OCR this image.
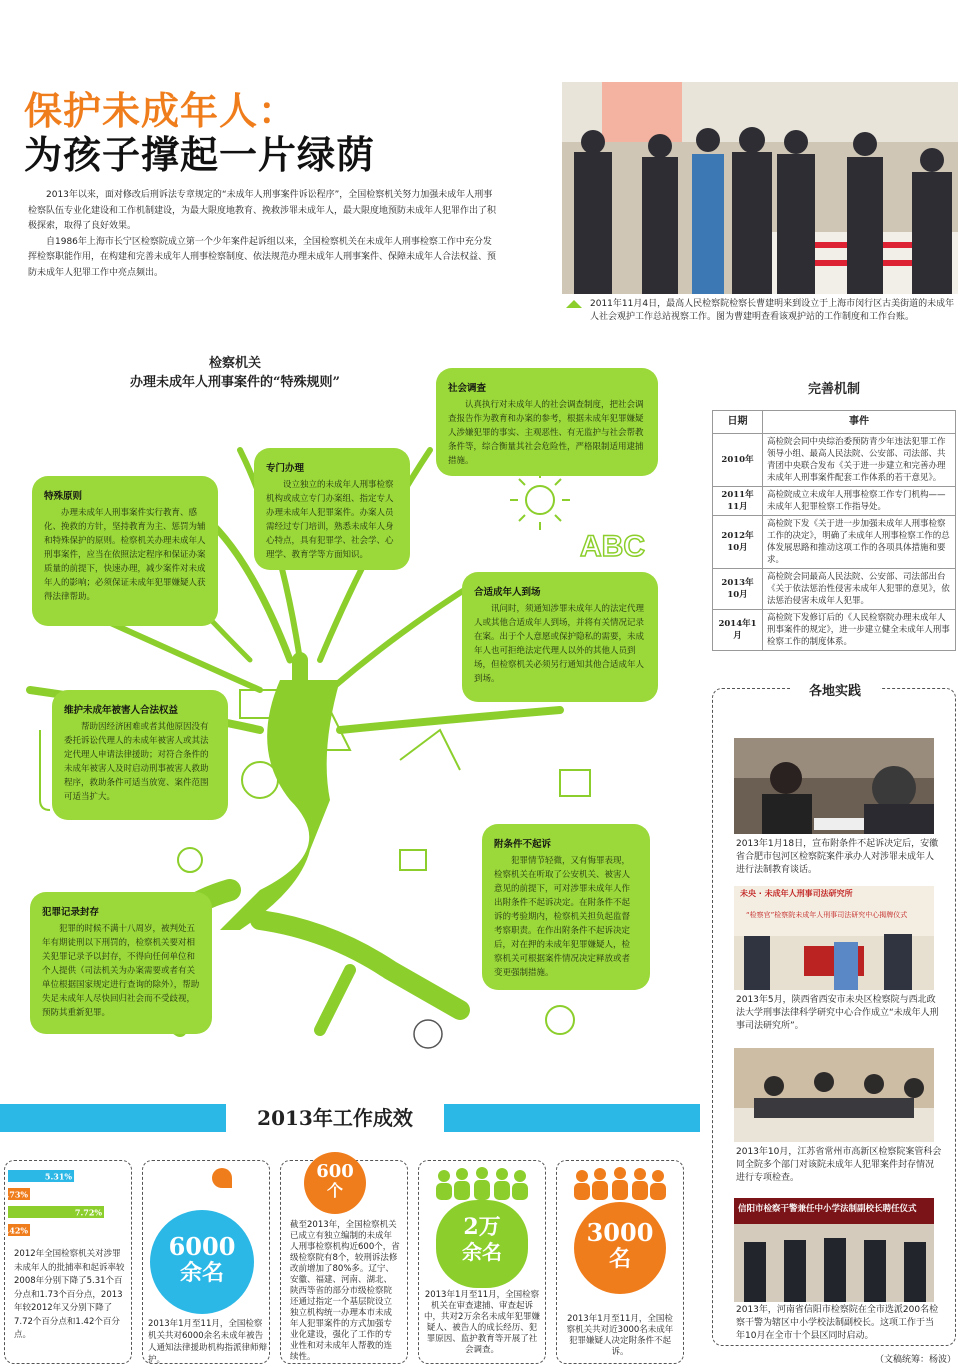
保护未成年人：
为孩子撑起一片绿荫

2013年以来，面对修改后刑诉法专章规定的“未成年人刑事案件诉讼程序”，全国检察机关努力加强未成年人刑事检察队伍专业化建设和工作机制建设，为最大限度地教育、挽救涉罪未成年人，最大限度地预防未成年人犯罪作出了积极探索，取得了良好效果。

自1986年上海市长宁区检察院成立第一个少年案件起诉组以来，全国检察机关在未成年人刑事检察工作中充分发挥检察职能作用，在构建和完善未成年人刑事检察制度、依法规范办理未成年人刑事案件、保障未成年人合法权益、预防未成年人犯罪工作中亮点频出。

2011年11月4日，最高人民检察院检察长曹建明来到设立于上海市闵行区古美街道的未成年人社会观护工作总站视察工作。图为曹建明查看该观护站的工作制度和工作台账。
检察机关
办理未成年人刑事案件的“特殊规则”
ABC
社会调查

认真执行对未成年人的社会调查制度，把社会调查报告作为教育和办案的参考，根据未成年犯罪嫌疑人涉嫌犯罪的事实、主观恶性、有无监护与社会帮教条件等，综合衡量其社会危险性，严格限制适用逮捕措施。

专门办理

设立独立的未成年人刑事检察机构或成立专门办案组、指定专人办理未成年人犯罪案件。办案人员需经过专门培训，熟悉未成年人身心特点，具有犯罪学、社会学、心理学、教育学等方面知识。

特殊原则

办理未成年人刑事案件实行教育、感化、挽救的方针，坚持教育为主、惩罚为辅和特殊保护的原则。检察机关办理未成年人刑事案件，应当在依照法定程序和保证办案质量的前提下，快速办理，减少案件对未成年人的影响；必须保证未成年犯罪嫌疑人获得法律帮助。	合适成年人到场

讯问时，须通知涉罪未成年人的法定代理人或其他合适成年人到场，并将有关情况记录在案。出于个人意愿或保护隐私的需要，未成年人也可拒绝法定代理人以外的其他人员到场，但检察机关必须另行通知其他合适成年人到场。

维护未成年被害人合法权益

帮助因经济困难或者其他原因没有委托诉讼代理人的未成年被害人或其法定代理人申请法律援助；对符合条件的未成年被害人及时启动刑事被害人救助程序，救助条件可适当放宽、案件范围可适当扩大。

附条件不起诉

犯罪情节轻微，又有悔罪表现，检察机关在听取了公安机关、被害人意见的前提下，可对涉罪未成年人作出附条件不起诉决定。在附条件不起诉的考验期内，检察机关担负起监督考察职责。在作出附条件不起诉决定后，对在押的未成年犯罪嫌疑人，检察机关可根据案件情况决定释放或者变更强制措施。

犯罪记录封存

犯罪的时候不满十八周岁，被判处五年有期徒刑以下刑罚的，检察机关要对相关犯罪记录予以封存，不得向任何单位和个人提供（司法机关为办案需要或者有关单位根据国家规定进行查询的除外），帮助失足未成年人尽快回归社会而不受歧视，预防其重新犯罪。

完善机制
日期	事件
2010年	高检院会同中央综治委预防青少年违法犯罪工作领导小组、最高人民法院、公安部、司法部、共青团中央联合发布《关于进一步建立和完善办理未成年人刑事案件配套工作体系的若干意见》。
2011年11月	高检院成立未成年人刑事检察工作专门机构——未成年人犯罪检察工作指导处。
2012年10月	高检院下发《关于进一步加强未成年人刑事检察工作的决定》，明确了未成年人刑事检察工作的总体发展思路和推动这项工作的各项具体措施和要求。
2013年10月	高检院会同最高人民法院、公安部、司法部出台《关于依法惩治性侵害未成年人犯罪的意见》，依法惩治侵害未成年人犯罪。
2014年1月	高检院下发修订后的《人民检察院办理未成年人刑事案件的规定》，进一步建立健全未成年人刑事检察工作的制度体系。
各地实践
2013年1月18日，宣布附条件不起诉决定后，安徽省合肥市包河区检察院案件承办人对涉罪未成年人进行法制教育谈话。
未央 · 未成年人刑事司法研究所
“检察官”检察院未成年人刑事司法研究中心揭牌仪式
2013年5月，陕西省西安市未央区检察院与西北政法大学刑事法律科学研究中心合作成立“未成年人刑事司法研究所”。
2013年10月，江苏省常州市高新区检察院案管科会同全院多个部门对该院未成年人犯罪案件封存情况进行专项检查。
信阳市检察干警兼任中小学法制副校长聘任仪式
2013年，河南省信阳市检察院在全市选派200名检察干警为辖区中小学校法制副校长。这项工作于当年10月在全市十个县区同时启动。
（文稿统筹：杨波）
2013年工作成效
5.31%
1.73%
7.72%
1.42%
2012年全国检察机关对涉罪未成年人的批捕率和起诉率较2008年分别下降了5.31个百分点和1.73个百分点，2013年较2012年又分别下降了7.72个百分点和1.42个百分点。
6000
余名
2013年1月至11月，全国检察机关共对6000余名未成年被告人通知法律援助机构指派律师辩护。
600
个
截至2013年，全国检察机关已成立有独立编制的未成年人刑事检察机构近600个，省级检察院有8个，较刑诉法修改前增加了80%多。辽宁、安徽、福建、河南、湖北、陕西等省的部分市级检察院还通过指定一个基层院设立独立机构统一办理本市未成年人犯罪案件的方式加强专业化建设，强化了工作的专业性和对未成年人帮教的连续性。
2万
余名
2013年1月至11月，全国检察机关在审查逮捕、审查起诉中，共对2万余名未成年犯罪嫌疑人、被告人的成长经历、犯罪原因、监护教育等开展了社会调查。
3000
名
2013年1月至11月，全国检察机关共对近3000名未成年犯罪嫌疑人决定附条件不起诉。
